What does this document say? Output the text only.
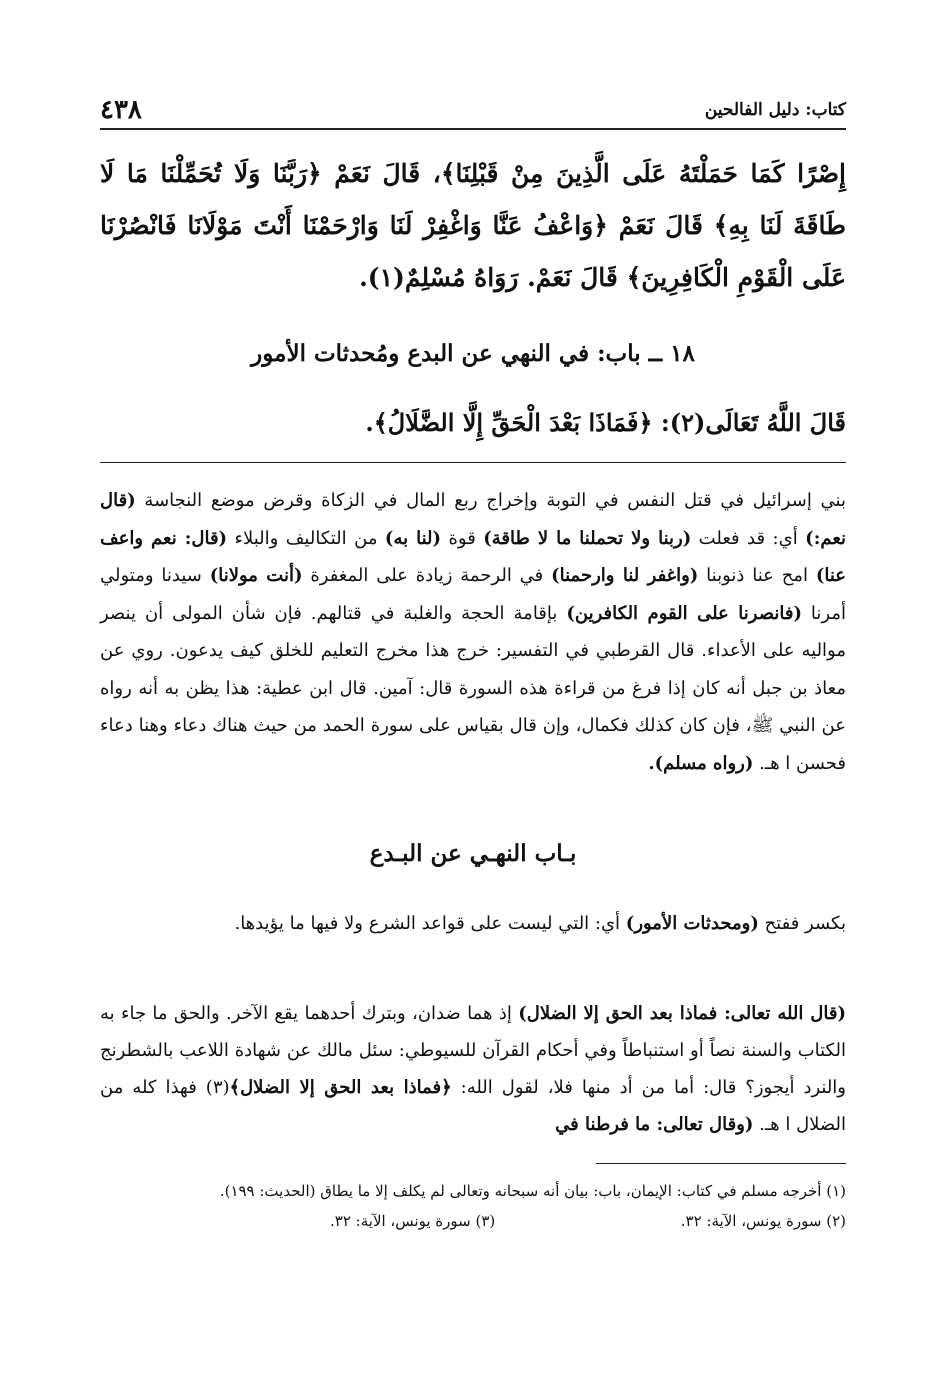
كتاب: دليل الفالحين
٤٣٨
إِصْرًا كَمَا حَمَلْتَهُ عَلَى الَّذِينَ مِنْ قَبْلِنَا﴾، قَالَ نَعَمْ ﴿رَبَّنَا وَلَا تُحَمِّلْنَا مَا لَا طَاقَةَ لَنَا بِهِ﴾ قَالَ نَعَمْ ﴿وَاعْفُ عَنَّا وَاغْفِرْ لَنَا وَارْحَمْنَا أَنْتَ مَوْلَانَا فَانْصُرْنَا عَلَى الْقَوْمِ الْكَافِرِينَ﴾ قَالَ نَعَمْ. رَوَاهُ مُسْلِمٌ(١).
١٨ ــ باب: في النهي عن البدع ومُحدثات الأمور
قَالَ اللَّهُ تَعَالَى(٢): ﴿فَمَاذَا بَعْدَ الْحَقِّ إِلَّا الضَّلَالُ﴾.
بني إسرائيل في قتل النفس في التوبة وإخراج ربع المال في الزكاة وقرض موضع النجاسة (قال نعم:) أي: قد فعلت (ربنا ولا تحملنا ما لا طاقة) قوة (لنا به) من التكاليف والبلاء (قال: نعم واعف عنا) امح عنا ذنوبنا (واغفر لنا وارحمنا) في الرحمة زيادة على المغفرة (أنت مولانا) سيدنا ومتولي أمرنا (فانصرنا على القوم الكافرين) بإقامة الحجة والغلبة في قتالهم. فإن شأن المولى أن ينصر مواليه على الأعداء. قال القرطبي في التفسير: خرج هذا مخرج التعليم للخلق كيف يدعون. روي عن معاذ بن جبل أنه كان إذا فرغ من قراءة هذه السورة قال: آمين. قال ابن عطية: هذا يظن به أنه رواه عن النبي ﷺ، فإن كان كذلك فكمال، وإن قال بقياس على سورة الحمد من حيث هناك دعاء وهنا دعاء فحسن ا هـ. (رواه مسلم).
بـاب النهـي عن البـدع
بكسر ففتح (ومحدثات الأمور) أي: التي ليست على قواعد الشرع ولا فيها ما يؤيدها.
(قال الله تعالى: فماذا بعد الحق إلا الضلال) إذ هما ضدان، وبترك أحدهما يقع الآخر. والحق ما جاء به الكتاب والسنة نصاً أو استنباطاً وفي أحكام القرآن للسيوطي: سئل مالك عن شهادة اللاعب بالشطرنج والنرد أيجوز؟ قال: أما من أد منها فلا، لقول الله: ﴿فماذا بعد الحق إلا الضلال﴾(٣) فهذا كله من الضلال ا هـ. (وقال تعالى: ما فرطنا في
(١) أخرجه مسلم في كتاب: الإيمان، باب: بيان أنه سبحانه وتعالى لم يكلف إلا ما يطاق (الحديث: ١٩٩).
(٢) سورة يونس، الآية: ٣٢.
(٣) سورة يونس، الآية: ٣٢.
